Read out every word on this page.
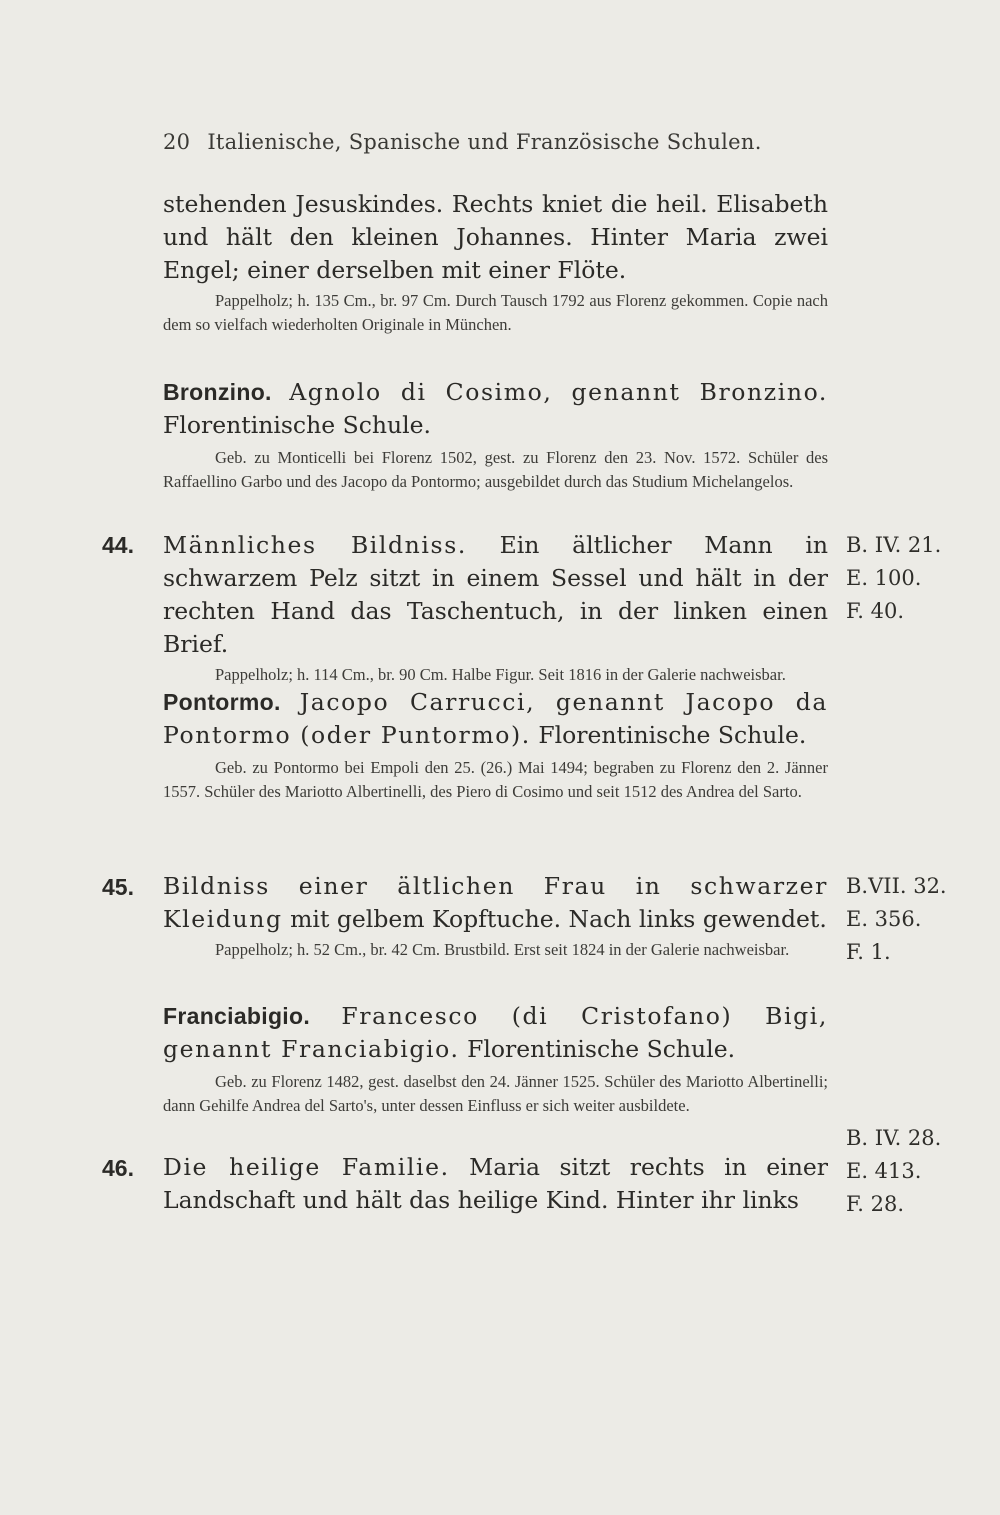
20 Italienische, Spanische und Französische Schulen.
stehenden Jesuskindes. Rechts kniet die heil. Elisabeth und hält den kleinen Johannes. Hinter Maria zwei Engel; einer derselben mit einer Flöte.
Pappelholz; h. 135 Cm., br. 97 Cm. Durch Tausch 1792 aus Florenz gekommen. Copie nach dem so vielfach wiederholten Originale in München.
Bronzino. Agnolo di Cosimo, genannt Bronzino. Florentinische Schule.
Geb. zu Monticelli bei Florenz 1502, gest. zu Florenz den 23. Nov. 1572. Schüler des Raffaellino Garbo und des Jacopo da Pontormo; ausgebildet durch das Studium Michelangelos.
44. Männliches Bildniss. Ein ältlicher Mann in schwarzem Pelz sitzt in einem Sessel und hält in der rechten Hand das Taschentuch, in der linken einen Brief.
Pappelholz; h. 114 Cm., br. 90 Cm. Halbe Figur. Seit 1816 in der Galerie nachweisbar.
B. IV. 21.
E. 100.
F. 40.
Pontormo. Jacopo Carrucci, genannt Jacopo da Pontormo (oder Puntormo). Florentinische Schule.
Geb. zu Pontormo bei Empoli den 25. (26.) Mai 1494; begraben zu Florenz den 2. Jänner 1557. Schüler des Mariotto Albertinelli, des Piero di Cosimo und seit 1512 des Andrea del Sarto.
45. Bildniss einer ältlichen Frau in schwarzer Kleidung mit gelbem Kopftuche. Nach links gewendet.
Pappelholz; h. 52 Cm., br. 42 Cm. Brustbild. Erst seit 1824 in der Galerie nachweisbar.
B.VII. 32.
E. 356.
F. 1.
Franciabigio. Francesco (di Cristofano) Bigi, genannt Franciabigio. Florentinische Schule.
Geb. zu Florenz 1482, gest. daselbst den 24. Jänner 1525. Schüler des Mariotto Albertinelli; dann Gehilfe Andrea del Sarto's, unter dessen Einfluss er sich weiter ausbildete.
46. Die heilige Familie. Maria sitzt rechts in einer Landschaft und hält das heilige Kind. Hinter ihr links
B. IV. 28.
E. 413.
F. 28.
